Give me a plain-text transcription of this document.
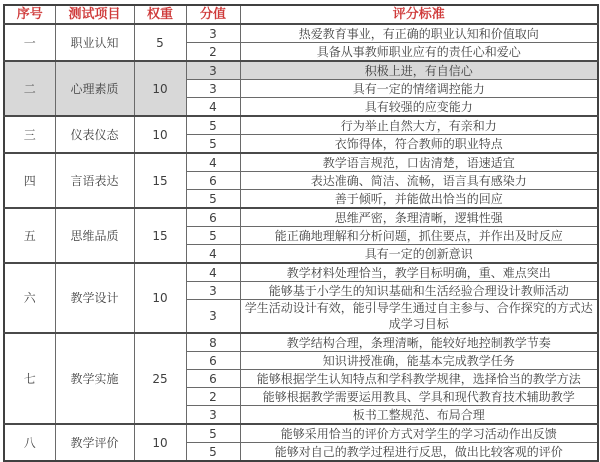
序号	测试项目	权重	分值	评分标准
一	职业认知	5	3	热爱教育事业，有正确的职业认知和价值取向
			2	具备从事教师职业应有的责任心和爱心
二	心理素质	10	3	积极上进，有自信心
			3	具有一定的情绪调控能力
			4	具有较强的应变能力
三	仪表仪态	10	5	行为举止自然大方，有亲和力
			5	衣饰得体，符合教师的职业特点
四	言语表达	15	4	教学语言规范，口齿清楚，语速适宜
			6	表达准确、简洁、流畅，语言具有感染力
			5	善于倾听，并能做出恰当的回应
五	思维品质	15	6	思维严密，条理清晰，逻辑性强
			5	能正确地理解和分析问题，抓住要点，并作出及时反应
			4	具有一定的创新意识
六	教学设计	10	4	教学材料处理恰当，教学目标明确，重、难点突出
			3	能够基于小学生的知识基础和生活经验合理设计教师活动
			3	学生活动设计有效，能引导学生通过自主参与、合作探究的方式达成学习目标
七	教学实施	25	8	教学结构合理，条理清晰，能较好地控制教学节奏
			6	知识讲授准确，能基本完成教学任务
			6	能够根据学生认知特点和学科教学规律，选择恰当的教学方法
			2	能够根据教学需要运用教具、学具和现代教育技术辅助教学
			3	板书工整规范、布局合理
八	教学评价	10	5	能够采用恰当的评价方式对学生的学习活动作出反馈
			5	能够对自己的教学过程进行反思，做出比较客观的评价
